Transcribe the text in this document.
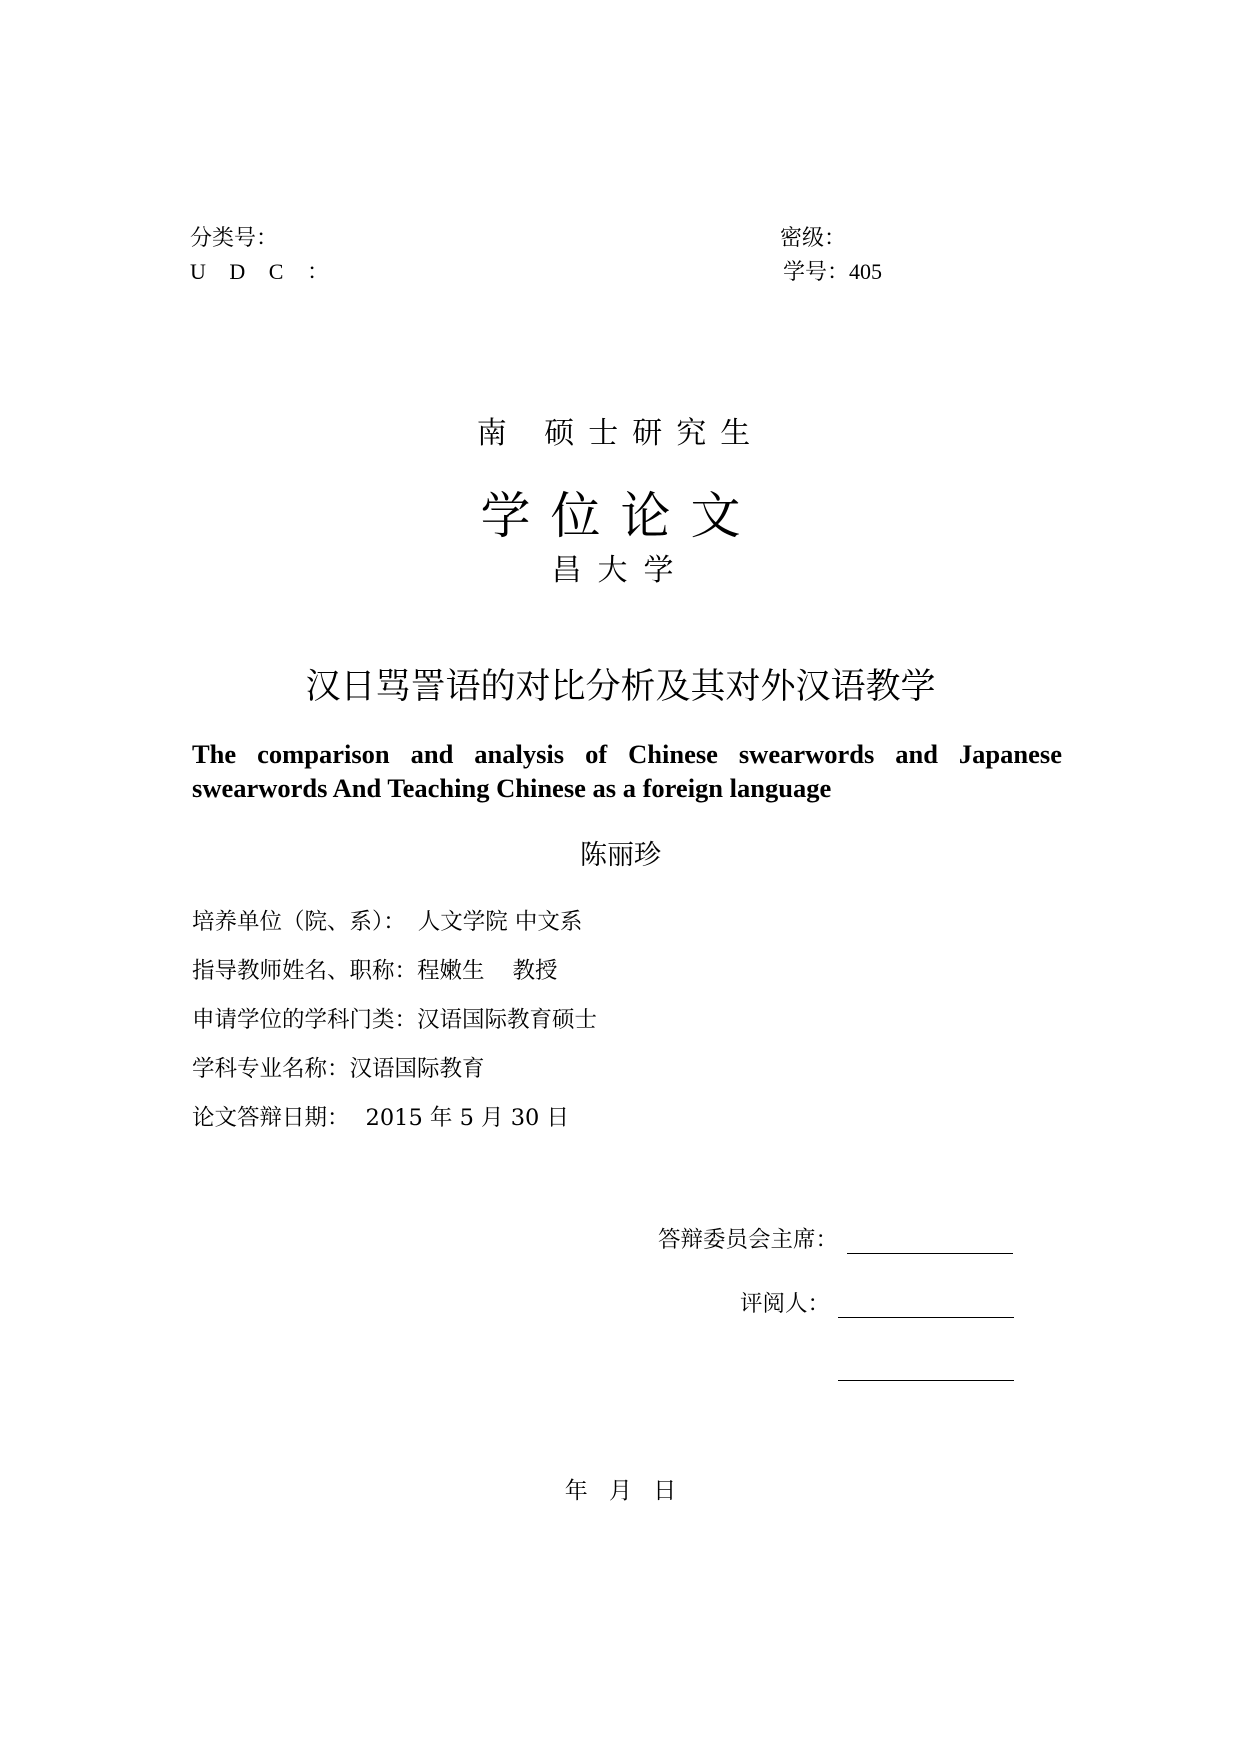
分类号：	密级：
U D C ：	学号：405
南 硕士研究生
学位论文
昌大学
汉日骂詈语的对比分析及其对外汉语教学
The comparison and analysis of Chinese swearwords and Japanese swearwords And Teaching Chinese as a foreign language
陈丽珍
培养单位（院、系）： 人文学院 中文系
指导教师姓名、职称：程嫩生 教授
申请学位的学科门类：汉语国际教育硕士
学科专业名称：汉语国际教育
论文答辩日期： 2015 年 5 月 30 日
答辩委员会主席：
评阅人：
年 月 日
